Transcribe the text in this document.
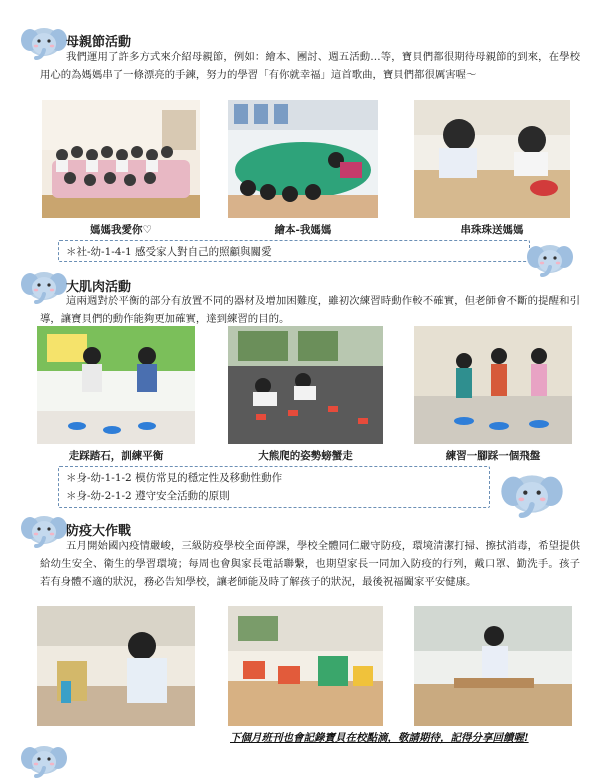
母親節活動
我們運用了許多方式來介紹母親節，例如：繪本、團討、週五活動…等，寶貝們都很期待母親節的到來，在學校用心的為媽媽串了一條漂亮的手鍊，努力的學習「有你就幸福」這首歌曲，寶貝們都很厲害喔～
媽媽我愛你♡	繪本-我媽媽	串珠珠送媽媽
＊社-幼-1-4-1 感受家人對自己的照顧與關愛
大肌肉活動
這兩週對於平衡的部分有放置不同的器材及增加困難度，雖初次練習時動作較不確實，但老師會不斷的提醒和引導，讓寶貝們的動作能夠更加確實，達到練習的目的。
走踩踏石，訓練平衡	大熊爬的姿勢螃蟹走	練習一腳踩一個飛盤
＊身-幼-1-1-2 模仿常見的穩定性及移動性動作
＊身-幼-2-1-2 遵守安全活動的原則
防疫大作戰
五月開始國內疫情嚴峻，三級防疫學校全面停課，學校全體同仁嚴守防疫，環境清潔打掃、擦拭消毒，希望提供給幼生安全、衛生的學習環境；每周也會與家長電話聯繫，也期望家長一同加入防疫的行列，戴口罩、勤洗手。孩子若有身體不適的狀況，務必告知學校，讓老師能及時了解孩子的狀況，最後祝福闔家平安健康。
下個月班刊也會記錄寶貝在校點滴，敬請期待，記得分享回饋喔!
